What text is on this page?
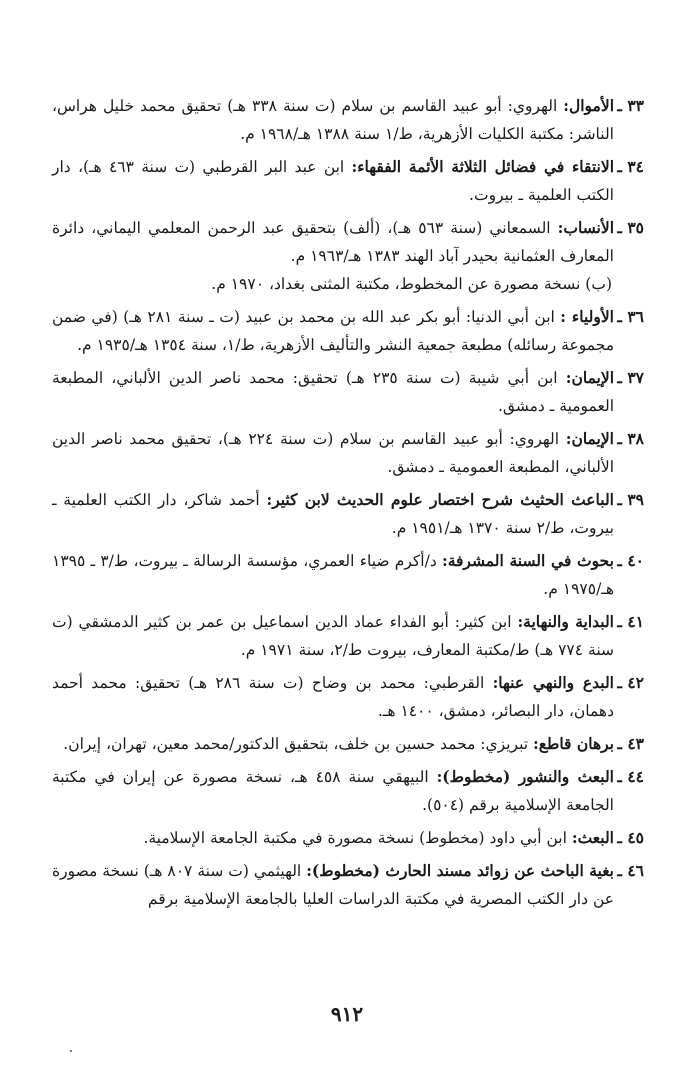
٣٣ ـ
الأموال: الهروي: أبو عبيد القاسم بن سلام (ت سنة ٣٣٨ هـ) تحقيق محمد خليل هراس، الناشر: مكتبة الكليات الأزهرية، ط/١ سنة ١٣٨٨ هـ/١٩٦٨ م.
٣٤ ـ
الانتقاء في فضائل الثلاثة الأئمة الفقهاء: ابن عبد البر القرطبي (ت سنة ٤٦٣ هـ)، دار الكتب العلمية ـ بيروت.
٣٥ ـ
الأنساب: السمعاني (سنة ٥٦٣ هـ)، (ألف) بتحقيق عبد الرحمن المعلمي اليماني، دائرة المعارف العثمانية بحيدر آباد الهند ١٣٨٣ هـ/١٩٦٣ م.
(ب) نسخة مصورة عن المخطوط، مكتبة المثنى بغداد، ١٩٧٠ م.
٣٦ ـ
الأولياء : ابن أبي الدنيا: أبو بكر عبد الله بن محمد بن عبيد (ت ـ سنة ٢٨١ هـ) (في ضمن مجموعة رسائله) مطبعة جمعية النشر والتأليف الأزهرية، ط/١، سنة ١٣٥٤ هـ/١٩٣٥ م.
٣٧ ـ
الإيمان: ابن أبي شيبة (ت سنة ٢٣٥ هـ) تحقيق: محمد ناصر الدين الألباني، المطبعة العمومية ـ دمشق.
٣٨ ـ
الإيمان: الهروي: أبو عبيد القاسم بن سلام (ت سنة ٢٢٤ هـ)، تحقيق محمد ناصر الدين الألباني، المطبعة العمومية ـ دمشق.
٣٩ ـ
الباعث الحثيث شرح اختصار علوم الحديث لابن كثير: أحمد شاكر، دار الكتب العلمية ـ بيروت، ط/٢ سنة ١٣٧٠ هـ/١٩٥١ م.
٤٠ ـ
بحوث في السنة المشرفة: د/أكرم ضياء العمري، مؤسسة الرسالة ـ بيروت، ط/٣ ـ ١٣٩٥ هـ/١٩٧٥ م.
٤١ ـ
البداية والنهاية: ابن كثير: أبو الفداء عماد الدين اسماعيل بن عمر بن كثير الدمشقي (ت سنة ٧٧٤ هـ) ط/مكتبة المعارف، بيروت ط/٢، سنة ١٩٧١ م.
٤٢ ـ
البدع والنهي عنها: القرطبي: محمد بن وضاح (ت سنة ٢٨٦ هـ) تحقيق: محمد أحمد دهمان، دار البصائر، دمشق، ١٤٠٠ هـ.
٤٣ ـ
برهان قاطع: تبريزي: محمد حسين بن خلف، بتحقيق الدكتور/محمد معين، تهران، إيران.
٤٤ ـ
البعث والنشور (مخطوط): البيهقي سنة ٤٥٨ هـ، نسخة مصورة عن إيران في مكتبة الجامعة الإسلامية برقم (٥٠٤).
٤٥ ـ
البعث: ابن أبي داود (مخطوط) نسخة مصورة في مكتبة الجامعة الإسلامية.
٤٦ ـ
بغية الباحث عن زوائد مسند الحارث (مخطوط): الهيثمي (ت سنة ٨٠٧ هـ) نسخة مصورة عن دار الكتب المصرية في مكتبة الدراسات العليا بالجامعة الإسلامية برقم
٩١٢
